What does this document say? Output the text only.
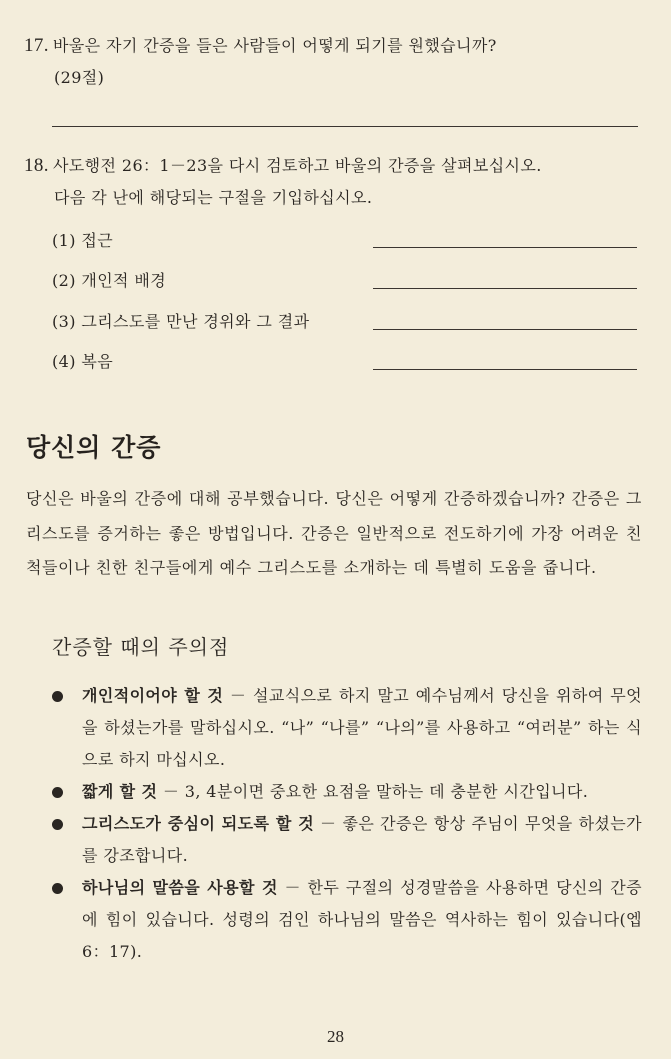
17. 바울은 자기 간증을 들은 사람들이 어떻게 되기를 원했습니까?
(29절)
18. 사도행전 26：1－23을 다시 검토하고 바울의 간증을 살펴보십시오.
다음 각 난에 해당되는 구절을 기입하십시오.
(1) 접근
(2) 개인적 배경
(3) 그리스도를 만난 경위와 그 결과
(4) 복음
당신의 간증
당신은 바울의 간증에 대해 공부했습니다. 당신은 어떻게 간증하겠습니까? 간증은 그리스도를 증거하는 좋은 방법입니다. 간증은 일반적으로 전도하기에 가장 어려운 친척들이나 친한 친구들에게 예수 그리스도를 소개하는 데 특별히 도움을 줍니다.
간증할 때의 주의점
개인적이어야 할 것 － 설교식으로 하지 말고 예수님께서 당신을 위하여 무엇을 하셨는가를 말하십시오. “나” “나를” “나의”를 사용하고 “여러분” 하는 식으로 하지 마십시오.
짧게 할 것 － 3, 4분이면 중요한 요점을 말하는 데 충분한 시간입니다.
그리스도가 중심이 되도록 할 것 － 좋은 간증은 항상 주님이 무엇을 하셨는가를 강조합니다.
하나님의 말씀을 사용할 것 － 한두 구절의 성경말씀을 사용하면 당신의 간증에 힘이 있습니다. 성령의 검인 하나님의 말씀은 역사하는 힘이 있습니다(엡 6：17).
28
